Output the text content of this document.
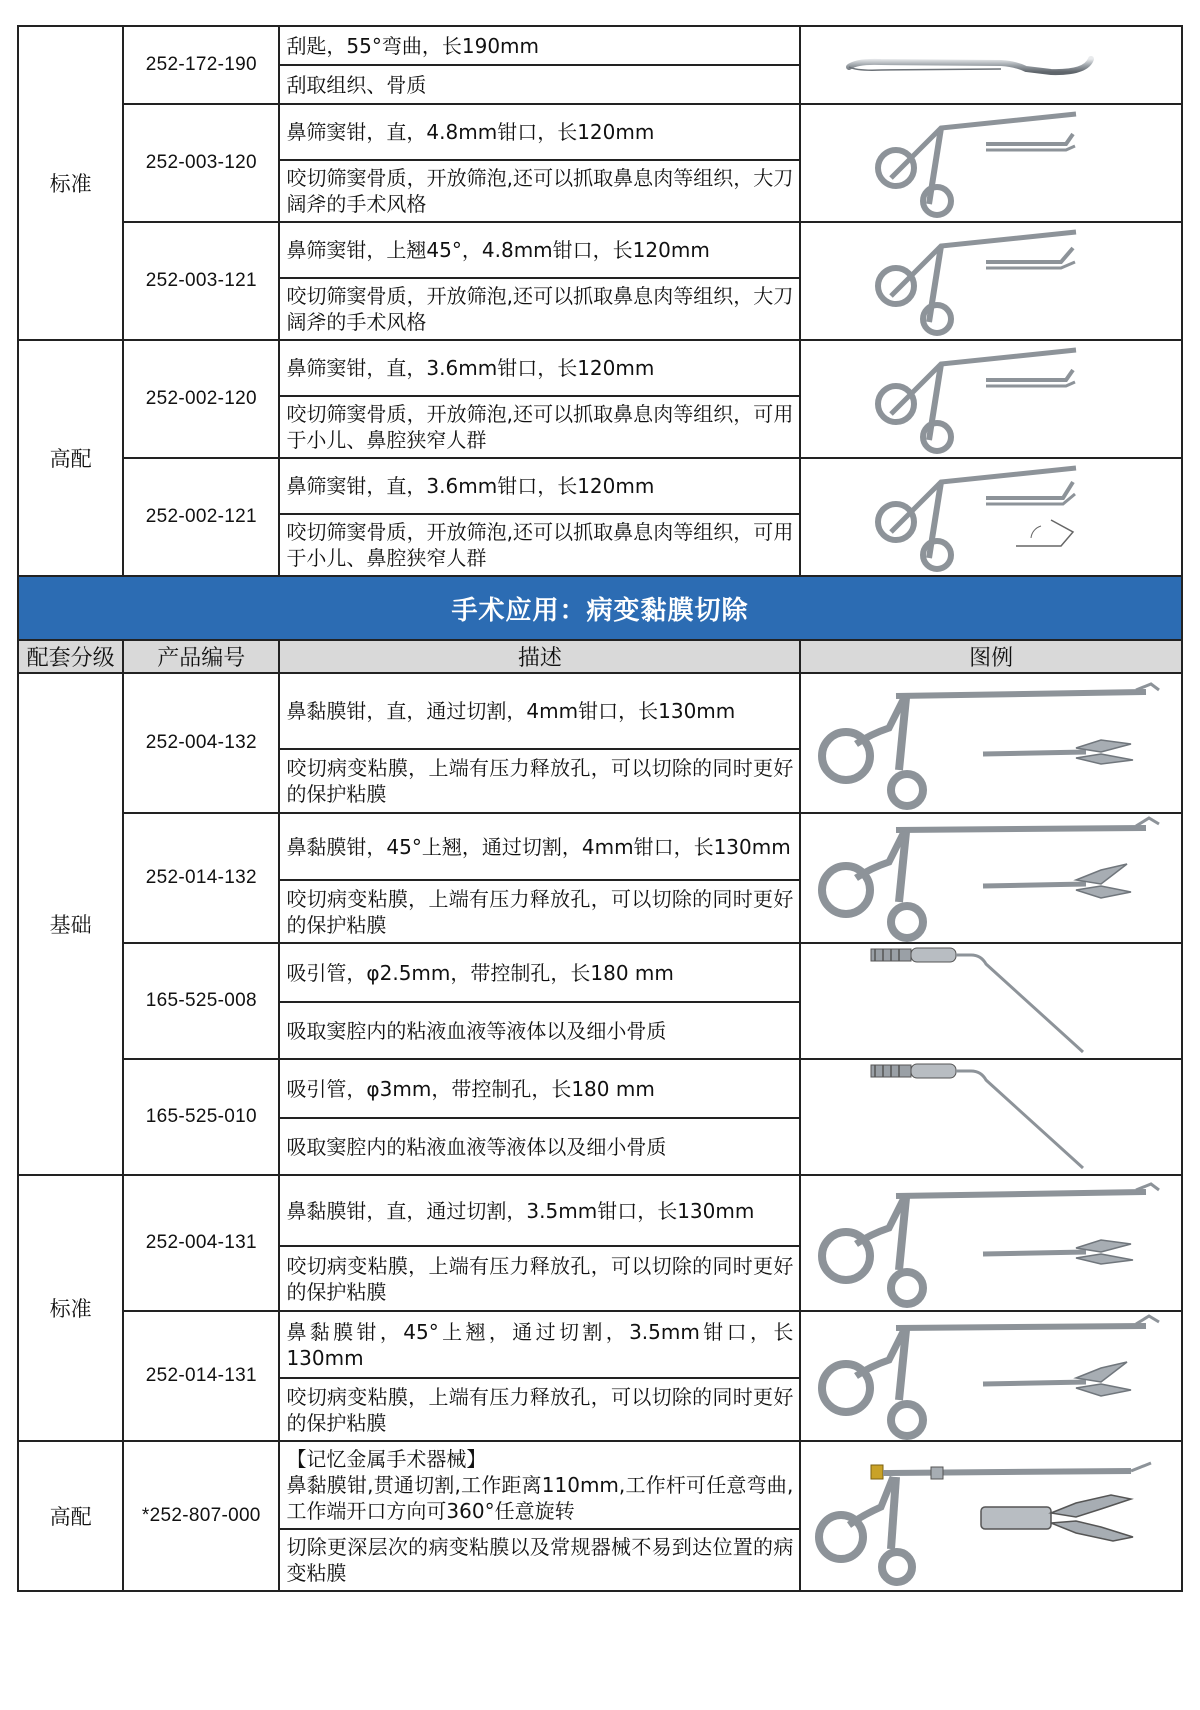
标准	252-172-190	刮匙，55°弯曲，长190mm	

		刮取组织、骨质	
	252-003-120	鼻筛窦钳，直，4.8mm钳口，长120mm	

		咬切筛窦骨质，开放筛泡,还可以抓取鼻息肉等组织，大刀阔斧的手术风格	
	252-003-121	鼻筛窦钳，上翘45°，4.8mm钳口，长120mm	

		咬切筛窦骨质，开放筛泡,还可以抓取鼻息肉等组织，大刀阔斧的手术风格	
高配	252-002-120	鼻筛窦钳，直，3.6mm钳口，长120mm	

		咬切筛窦骨质，开放筛泡,还可以抓取鼻息肉等组织，可用于小儿、鼻腔狭窄人群	
	252-002-121	鼻筛窦钳，直，3.6mm钳口，长120mm	

		咬切筛窦骨质，开放筛泡,还可以抓取鼻息肉等组织，可用于小儿、鼻腔狭窄人群	
手术应用：病变黏膜切除			
配套分级	产品编号	描述	图例
基础	252-004-132	鼻黏膜钳，直，通过切割，4mm钳口，长130mm	

		咬切病变粘膜，上端有压力释放孔，可以切除的同时更好的保护粘膜	
	252-014-132	鼻黏膜钳，45°上翘，通过切割，4mm钳口，长130mm	

		咬切病变粘膜，上端有压力释放孔，可以切除的同时更好的保护粘膜	
	165-525-008	吸引管，φ2.5mm，带控制孔，长180 mm	

		吸取窦腔内的粘液血液等液体以及细小骨质	
	165-525-010	吸引管，φ3mm，带控制孔，长180 mm	

		吸取窦腔内的粘液血液等液体以及细小骨质	
标准	252-004-131	鼻黏膜钳，直，通过切割，3.5mm钳口，长130mm	

		咬切病变粘膜，上端有压力释放孔，可以切除的同时更好的保护粘膜	
	252-014-131	鼻黏膜钳，45°上翘，通过切割，3.5mm钳口，长130mm	

		咬切病变粘膜，上端有压力释放孔，可以切除的同时更好的保护粘膜	
高配	*252-807-000	【记忆金属手术器械】
鼻黏膜钳,贯通切割,工作距离110mm,工作杆可任意弯曲,工作端开口方向可360°任意旋转

		切除更深层次的病变粘膜以及常规器械不易到达位置的病变粘膜	
